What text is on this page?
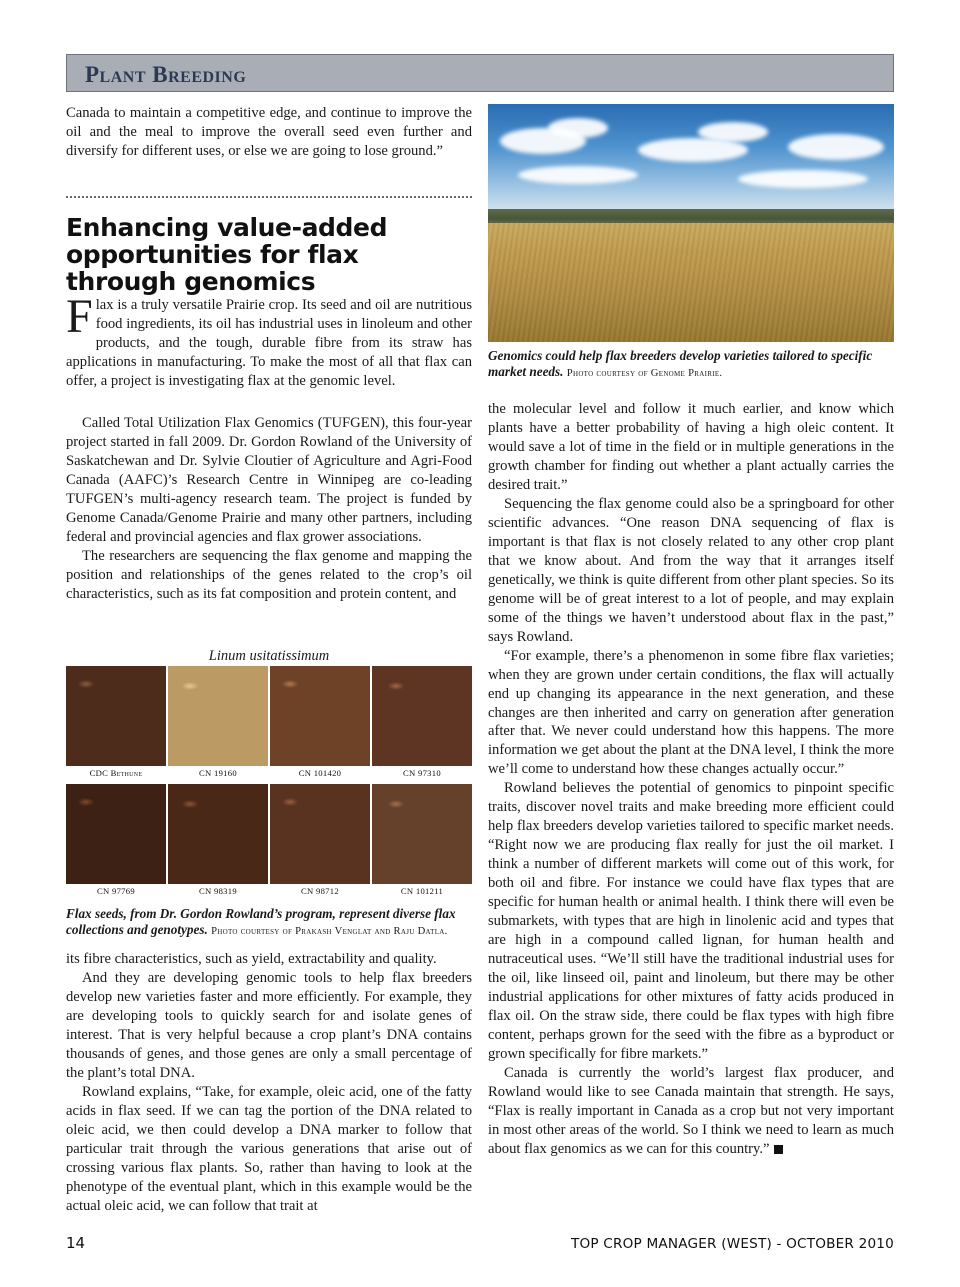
Plant Breeding

Canada to maintain a competitive edge, and continue to improve the oil and the meal to improve the overall seed even further and diversify for different uses, or else we are going to lose ground.”

Enhancing value-added opportunities for flax through genomics
F lax is a truly versatile Prairie crop. Its seed and oil are nutritious food ingredients, its oil has industrial uses in linoleum and other products, and the tough, durable fibre from its straw has applications in manufacturing. To make the most of all that flax can offer, a project is investigating flax at the genomic level.

Called Total Utilization Flax Genomics (TUFGEN), this four-year project started in fall 2009. Dr. Gordon Rowland of the University of Saskatchewan and Dr. Sylvie Cloutier of Agriculture and Agri-Food Canada (AAFC)’s Research Centre in Winnipeg are co-leading TUFGEN’s multi-agency research team. The project is funded by Genome Canada/Genome Prairie and many other partners, including federal and provincial agencies and flax grower associations.

The researchers are sequencing the flax genome and mapping the position and relationships of the genes related to the crop’s oil characteristics, such as its fat composition and protein content, and

Genomics could help flax breeders develop varieties tailored to specific market needs. Photo courtesy of Genome Prairie.

the molecular level and follow it much earlier, and know which plants have a better probability of having a high oleic content. It would save a lot of time in the field or in multiple generations in the growth chamber for finding out whether a plant actually carries the desired trait.”

Sequencing the flax genome could also be a springboard for other scientific advances. “One reason DNA sequencing of flax is important is that flax is not closely related to any other crop plant that we know about. And from the way that it arranges itself genetically, we think is quite different from other plant species. So its genome will be of great interest to a lot of people, and may explain some of the things we haven’t understood about flax in the past,” says Rowland.

“For example, there’s a phenomenon in some fibre flax varieties; when they are grown under certain conditions, the flax will actually end up changing its appearance in the next generation, and these changes are then inherited and carry on generation after generation after that. We never could understand how this happens. The more information we get about the plant at the DNA level, I think the more we’ll come to understand how these changes actually occur.”

Rowland believes the potential of genomics to pinpoint specific traits, discover novel traits and make breeding more efficient could help flax breeders develop varieties tailored to specific market needs. “Right now we are producing flax really for just the oil market. I think a number of different markets will come out of this work, for both oil and fibre. For instance we could have flax types that are specific for human health or animal health. I think there will even be submarkets, with types that are high in linolenic acid and types that are high in a compound called lignan, for human health and nutraceutical uses. “We’ll still have the traditional industrial uses for the oil, like linseed oil, paint and linoleum, but there may be other industrial applications for other mixtures of fatty acids produced in flax oil. On the straw side, there could be flax types with high fibre content, perhaps grown for the seed with the fibre as a byproduct or grown specifically for fibre markets.”

Canada is currently the world’s largest flax producer, and Rowland would like to see Canada maintain that strength. He says, “Flax is really important in Canada as a crop but not very important in most other areas of the world. So I think we need to learn as much about flax genomics as we can for this country.”

Linum usitatissimum
CDC Bethune	CN 19160	CN 101420	CN 97310
CN 97769	CN 98319	CN 98712	CN 101211
Flax seeds, from Dr. Gordon Rowland’s program, represent diverse flax collections and genotypes. Photo courtesy of Prakash Venglat and Raju Datla.

its fibre characteristics, such as yield, extractability and quality.

And they are developing genomic tools to help flax breeders develop new varieties faster and more efficiently. For example, they are developing tools to quickly search for and isolate genes of interest. That is very helpful because a crop plant’s DNA contains thousands of genes, and those genes are only a small percentage of the plant’s total DNA.

Rowland explains, “Take, for example, oleic acid, one of the fatty acids in flax seed. If we can tag the portion of the DNA related to oleic acid, we then could develop a DNA marker to follow that particular trait through the various generations that arise out of crossing various flax plants. So, rather than having to look at the phenotype of the eventual plant, which in this example would be the actual oleic acid, we can follow that trait at

14	TOP CROP MANAGER (WEST) - OCTOBER 2010
